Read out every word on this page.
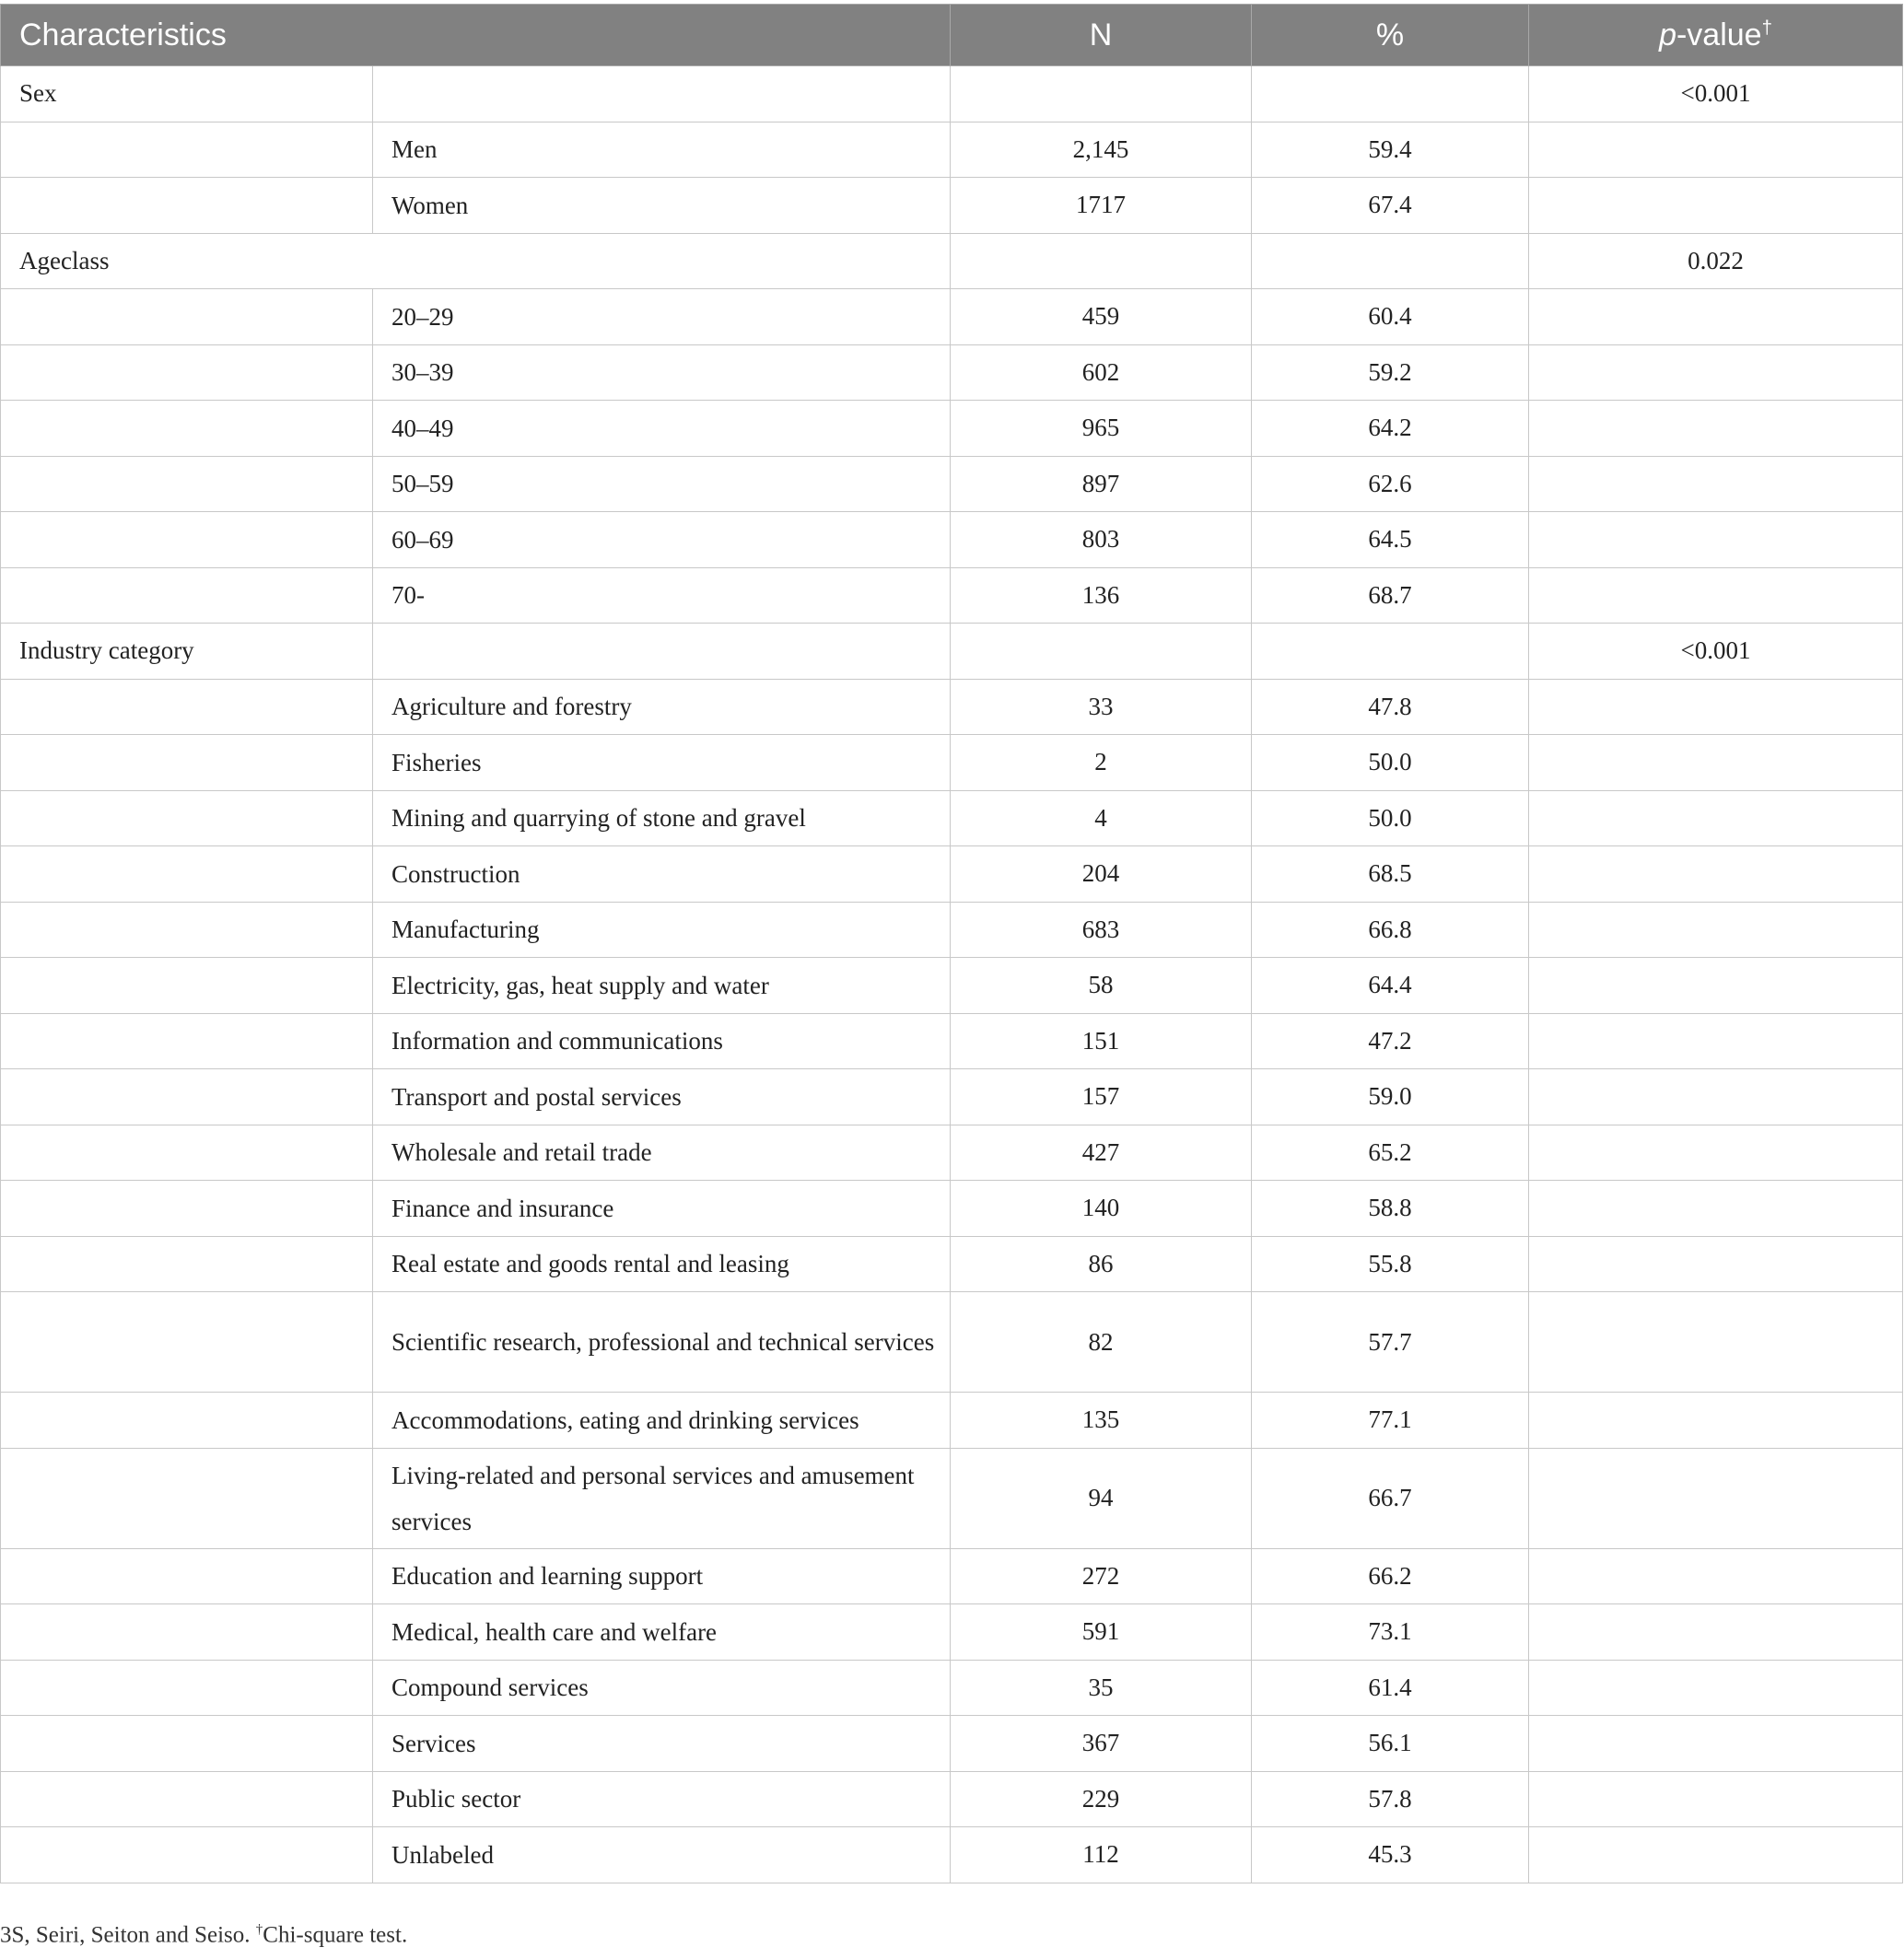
Characteristics		N	%	p-value†
Sex				<0.001
	Men	2,145	59.4	
	Women	1717	67.4	
Ageclass				0.022
	20–29	459	60.4	
	30–39	602	59.2	
	40–49	965	64.2	
	50–59	897	62.6	
	60–69	803	64.5	
	70-	136	68.7	
Industry category				<0.001
	Agriculture and forestry	33	47.8	
	Fisheries	2	50.0	
	Mining and quarrying of stone and gravel	4	50.0	
	Construction	204	68.5	
	Manufacturing	683	66.8	
	Electricity, gas, heat supply and water	58	64.4	
	Information and communications	151	47.2	
	Transport and postal services	157	59.0	
	Wholesale and retail trade	427	65.2	
	Finance and insurance	140	58.8	
	Real estate and goods rental and leasing	86	55.8	
	Scientific research, professional and technical services	82	57.7	
	Accommodations, eating and drinking services	135	77.1	
	Living-related and personal services and amusement services	94	66.7	
	Education and learning support	272	66.2	
	Medical, health care and welfare	591	73.1	
	Compound services	35	61.4	
	Services	367	56.1	
	Public sector	229	57.8	
	Unlabeled	112	45.3	
3S, Seiri, Seiton and Seiso. †Chi-square test.
